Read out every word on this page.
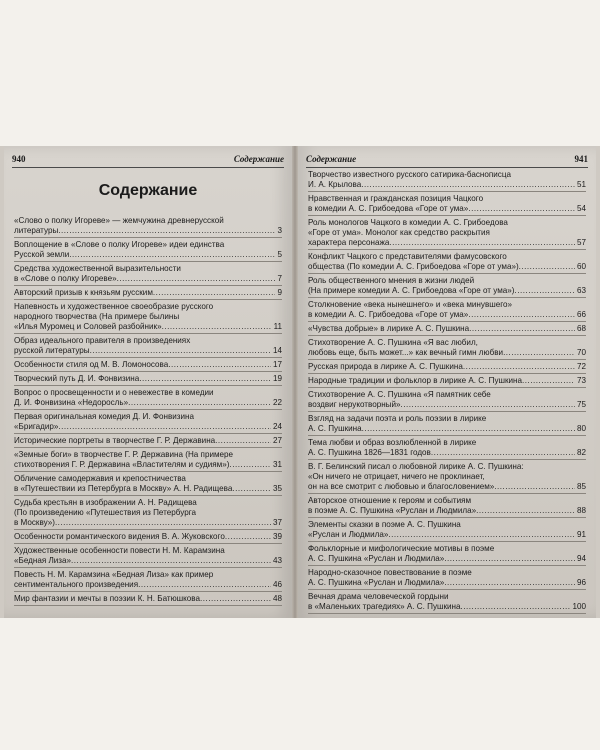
940	Содержание
Содержание
«Слово о полку Игореве» — жемчужина древнерусской
литературы .....	3
Воплощение в «Слове о полку Игореве» идеи единства
Русской земли .....	5
Средства художественной выразительности
в «Слове о полку Игореве» .....	7
Авторский призыв к князьям русским .....	9
Напевность и художественное своеобразие русского
народного творчества (На примере былины
«Илья Муромец и Соловей разбойник» .....	11
Образ идеального правителя в произведениях
русской литературы .....	14
Особенности стиля од М. В. Ломоносова .....	17
Творческий путь Д. И. Фонвизина .....	19
Вопрос о просвещенности и о невежестве в комедии
Д. И. Фонвизина «Недоросль» .....	22
Первая оригинальная комедия Д. И. Фонвизина
«Бригадир» .....	24
Исторические портреты в творчестве Г. Р. Державина .....	27
«Земные боги» в творчестве Г. Р. Державина (На примере
стихотворения Г. Р. Державина «Властителям и судиям») .....	31
Обличение самодержавия и крепостничества
в «Путешествии из Петербурга в Москву» А. Н. Радищева .....	35
Судьба крестьян в изображении А. Н. Радищева
(По произведению «Путешествия из Петербурга
в Москву») .....	37
Особенности романтического видения В. А. Жуковского .....	39
Художественные особенности повести Н. М. Карамзина
«Бедная Лиза» .....	43
Повесть Н. М. Карамзина «Бедная Лиза» как пример
сентиментального произведения .....	46
Мир фантазии и мечты в поэзии К. Н. Батюшкова .....	48
Содержание	941
Творчество известного русского сатирика-баснописца
И. А. Крылова .....	51
Нравственная и гражданская позиция Чацкого
в комедии А. С. Грибоедова «Горе от ума» .....	54
Роль монологов Чацкого в комедии А. С. Грибоедова
«Горе от ума». Монолог как средство раскрытия
характера персонажа .....	57
Конфликт Чацкого с представителями фамусовского
общества (По комедии А. С. Грибоедова «Горе от ума») .....	60
Роль общественного мнения в жизни людей
(На примере комедии А. С. Грибоедова «Горе от ума») .....	63
Столкновение «века нынешнего» и «века минувшего»
в комедии А. С. Грибоедова «Горе от ума» .....	66
«Чувства добрые» в лирике А. С. Пушкина .....	68
Стихотворение А. С. Пушкина «Я вас любил,
любовь еще, быть может...» как вечный гимн любви .....	70
Русская природа в лирике А. С. Пушкина .....	72
Народные традиции и фольклор в лирике А. С. Пушкина .....	73
Стихотворение А. С. Пушкина «Я памятник себе
воздвиг нерукотворный» .....	75
Взгляд на задачи поэта и роль поэзии в лирике
А. С. Пушкина .....	80
Тема любви и образ возлюбленной в лирике
А. С. Пушкина 1826—1831 годов .....	82
В. Г. Белинский писал о любовной лирике А. С. Пушкина:
«Он ничего не отрицает, ничего не проклинает,
он на все смотрит с любовью и благословением» .....	85
Авторское отношение к героям и событиям
в поэме А. С. Пушкина «Руслан и Людмила» .....	88
Элементы сказки в поэме А. С. Пушкина
«Руслан и Людмила» .....	91
Фольклорные и мифологические мотивы в поэме
А. С. Пушкина «Руслан и Людмила» .....	94
Народно-сказочное повествование в поэме
А. С. Пушкина «Руслан и Людмила» .....	96
Вечная драма человеческой гордыни
в «Маленьких трагедиях» А. С. Пушкина .....	100
